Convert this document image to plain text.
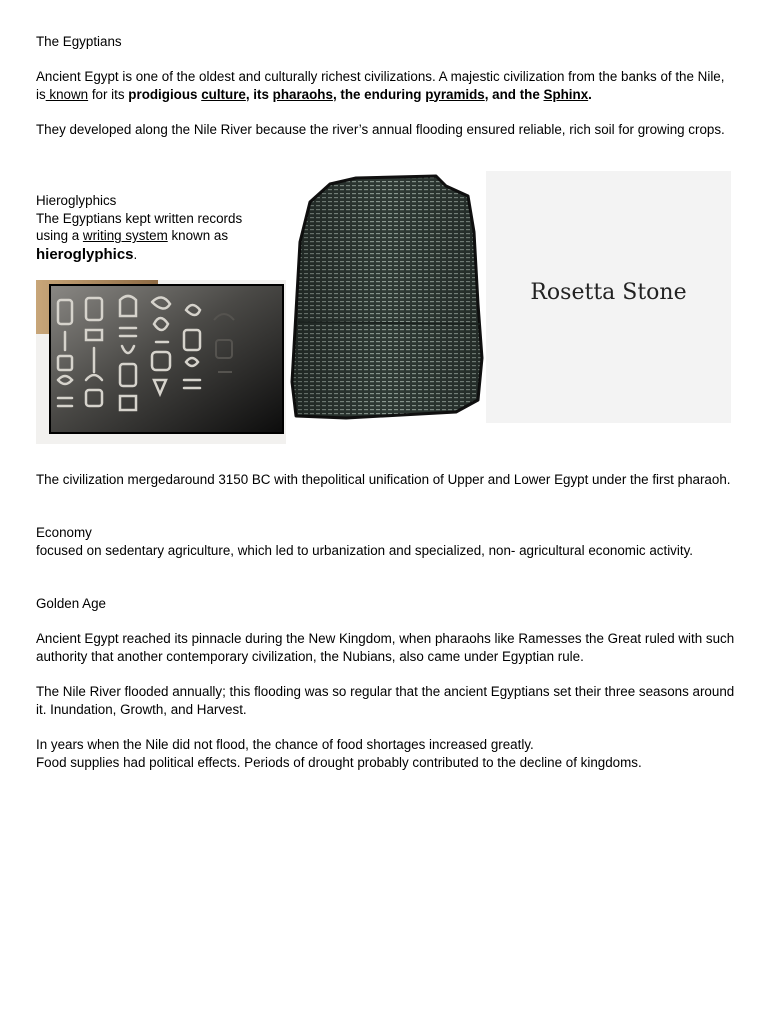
The Egyptians

Ancient Egypt is one of the oldest and culturally richest civilizations. A majestic civilization from the banks of the Nile, is known for its prodigious culture, its pharaohs, the enduring pyramids, and the Sphinx.

They developed along the Nile River because the river’s annual flooding ensured reliable, rich soil for growing crops.

Hieroglyphics
The Egyptians kept written records using a writing system known as
hieroglyphics.
Rosetta Stone

The civilization mergedaround 3150 BC with thepolitical unification of Upper and Lower Egypt under the first pharaoh.

Economy
focused on sedentary agriculture, which led to urbanization and specialized, non- agricultural economic activity.

Golden Age

Ancient Egypt reached its pinnacle during the New Kingdom, when pharaohs like Ramesses the Great ruled with such authority that another contemporary civilization, the Nubians, also came under Egyptian rule.

The Nile River flooded annually; this flooding was so regular that the ancient Egyptians set their three seasons around it. Inundation, Growth, and Harvest.

In years when the Nile did not flood, the chance of food shortages increased greatly.
Food supplies had political effects. Periods of drought probably contributed to the decline of kingdoms.
